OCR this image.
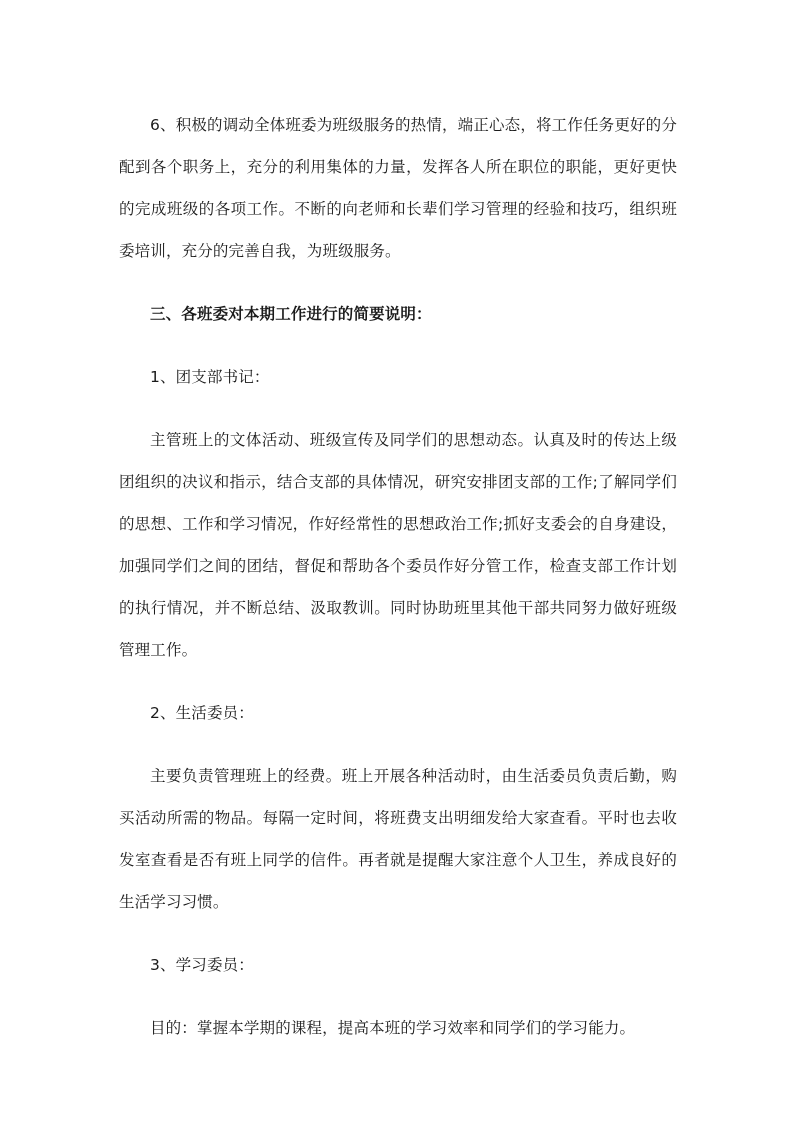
6、积极的调动全体班委为班级服务的热情，端正心态，将工作任务更好的分配到各个职务上，充分的利用集体的力量，发挥各人所在职位的职能，更好更快的完成班级的各项工作。不断的向老师和长辈们学习管理的经验和技巧，组织班委培训，充分的完善自我，为班级服务。

三、各班委对本期工作进行的简要说明：

1、团支部书记：

主管班上的文体活动、班级宣传及同学们的思想动态。认真及时的传达上级团组织的决议和指示，结合支部的具体情况，研究安排团支部的工作;了解同学们的思想、工作和学习情况，作好经常性的思想政治工作;抓好支委会的自身建设，加强同学们之间的团结，督促和帮助各个委员作好分管工作，检查支部工作计划的执行情况，并不断总结、汲取教训。同时协助班里其他干部共同努力做好班级管理工作。

2、生活委员：

主要负责管理班上的经费。班上开展各种活动时，由生活委员负责后勤，购买活动所需的物品。每隔一定时间，将班费支出明细发给大家查看。平时也去收发室查看是否有班上同学的信件。再者就是提醒大家注意个人卫生，养成良好的生活学习习惯。

3、学习委员：

目的：掌握本学期的课程，提高本班的学习效率和同学们的学习能力。
